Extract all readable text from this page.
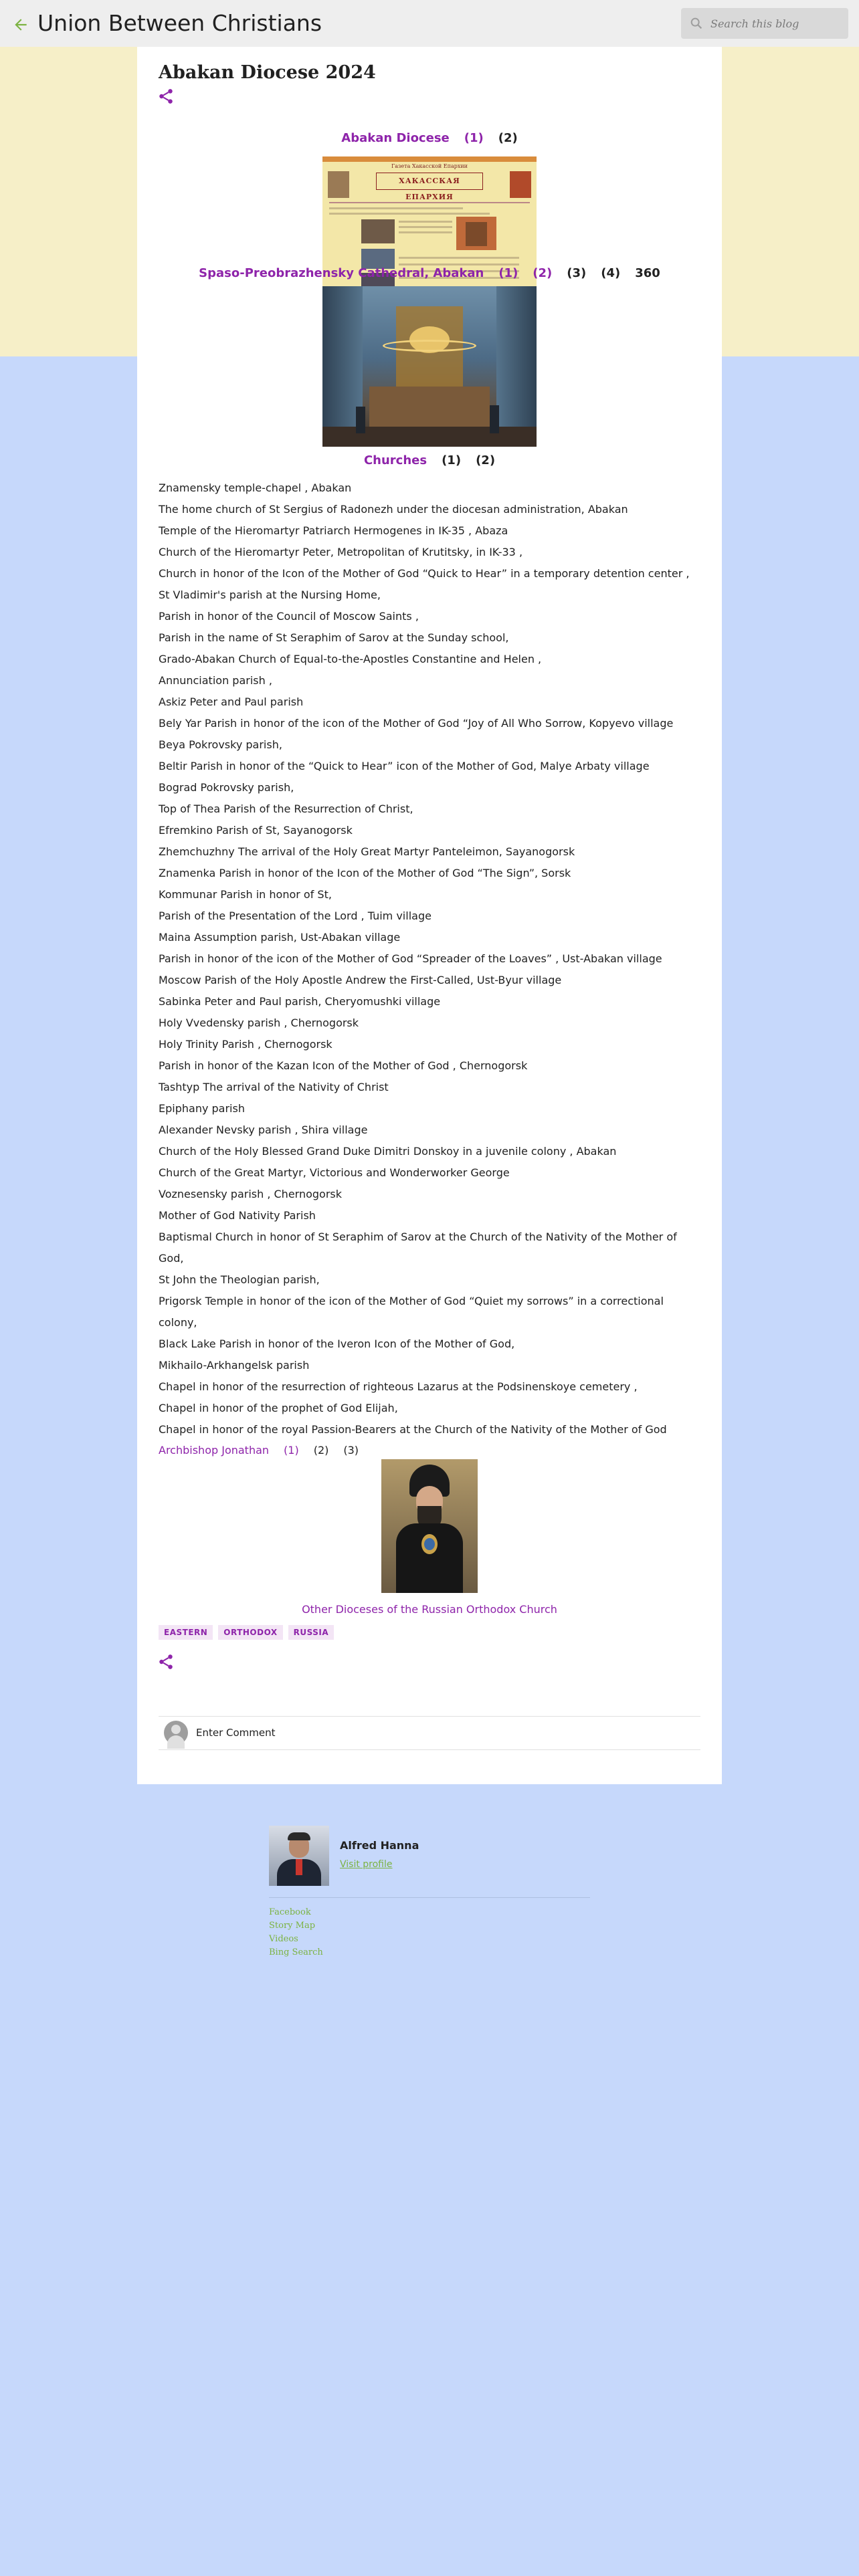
Union Between Christians
Search this blog
Abakan Diocese 2024
Abakan Diocese (1) (2)
Газета Хакасской Епархии
ХАКАССКАЯ ЕПАРХИЯ
Spaso-Preobrazhensky Cathedral, Abakan (1) (2) (3) (4) 360
Churches (1) (2)
Znamensky temple-chapel , Abakan
The home church of St Sergius of Radonezh under the diocesan administration, Abakan
Temple of the Hieromartyr Patriarch Hermogenes in IK-35 , Abaza
Church of the Hieromartyr Peter, Metropolitan of Krutitsky, in IK-33 ,
Church in honor of the Icon of the Mother of God “Quick to Hear” in a temporary detention center ,
St Vladimir's parish at the Nursing Home,
Parish in honor of the Council of Moscow Saints ,
Parish in the name of St Seraphim of Sarov at the Sunday school,
Grado-Abakan Church of Equal-to-the-Apostles Constantine and Helen ,
Annunciation parish ,
Askiz Peter and Paul parish
Bely Yar Parish in honor of the icon of the Mother of God “Joy of All Who Sorrow, Kopyevo village
Beya Pokrovsky parish,
Beltir Parish in honor of the “Quick to Hear” icon of the Mother of God, Malye Arbaty village
Bograd Pokrovsky parish,
Top of Thea Parish of the Resurrection of Christ,
Efremkino Parish of St, Sayanogorsk
Zhemchuzhny The arrival of the Holy Great Martyr Panteleimon, Sayanogorsk
Znamenka Parish in honor of the Icon of the Mother of God “The Sign”, Sorsk
Kommunar Parish in honor of St,
Parish of the Presentation of the Lord , Tuim village
Maina Assumption parish, Ust-Abakan village
Parish in honor of the icon of the Mother of God “Spreader of the Loaves” , Ust-Abakan village
Moscow Parish of the Holy Apostle Andrew the First-Called, Ust-Byur village
Sabinka Peter and Paul parish, Cheryomushki village
Holy Vvedensky parish , Chernogorsk
Holy Trinity Parish , Chernogorsk
Parish in honor of the Kazan Icon of the Mother of God , Chernogorsk
Tashtyp The arrival of the Nativity of Christ
Epiphany parish
Alexander Nevsky parish , Shira village
Church of the Holy Blessed Grand Duke Dimitri Donskoy in a juvenile colony , Abakan
Church of the Great Martyr, Victorious and Wonderworker George
Voznesensky parish , Chernogorsk
Mother of God Nativity Parish
Baptismal Church in honor of St Seraphim of Sarov at the Church of the Nativity of the Mother of God,
St John the Theologian parish,
Prigorsk Temple in honor of the icon of the Mother of God “Quiet my sorrows” in a correctional colony,
Black Lake Parish in honor of the Iveron Icon of the Mother of God,
Mikhailo-Arkhangelsk parish
Chapel in honor of the resurrection of righteous Lazarus at the Podsinenskoye cemetery ,
Chapel in honor of the prophet of God Elijah,
Chapel in honor of the royal Passion-Bearers at the Church of the Nativity of the Mother of God
Archbishop Jonathan (1) (2) (3)
Other Dioceses of the Russian Orthodox Church
EASTERN	ORTHODOX	RUSSIA
Enter Comment
Alfred Hanna
Visit profile
Facebook
Story Map
Videos
Bing Search
